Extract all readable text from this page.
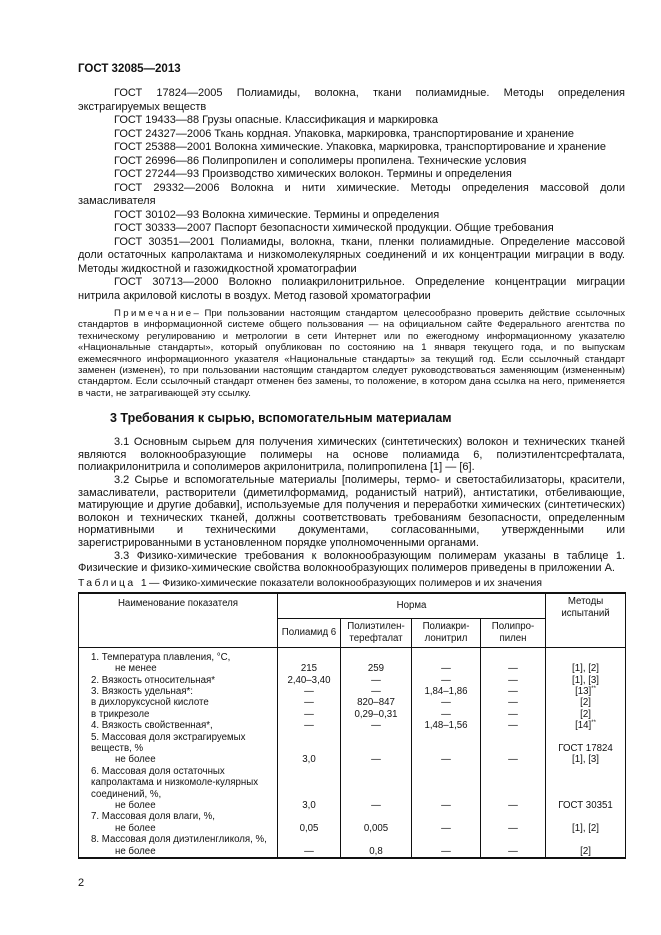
ГОСТ 32085—2013

ГОСТ 17824—2005 Полиамиды, волокна, ткани полиамидные. Методы определения экстрагируемых веществ

ГОСТ 19433—88 Грузы опасные. Классификация и маркировка

ГОСТ 24327—2006 Ткань кордная. Упаковка, маркировка, транспортирование и хранение

ГОСТ 25388—2001 Волокна химические. Упаковка, маркировка, транспортирование и хранение

ГОСТ 26996—86 Полипропилен и сополимеры пропилена. Технические условия

ГОСТ 27244—93 Производство химических волокон. Термины и определения

ГОСТ 29332—2006 Волокна и нити химические. Методы определения массовой доли замасливателя

ГОСТ 30102—93 Волокна химические. Термины и определения

ГОСТ 30333—2007 Паспорт безопасности химической продукции. Общие требования

ГОСТ 30351—2001 Полиамиды, волокна, ткани, пленки полиамидные. Определение массовой доли остаточных капролактама и низкомолекулярных соединений и их концентрации миграции в воду. Методы жидкостной и газожидкостной хроматографии

ГОСТ 30713—2000 Волокно полиакрилонитрильное. Определение концентрации миграции нитрила акриловой кислоты в воздух. Метод газовой хроматографии

Примечание– При пользовании настоящим стандартом целесообразно проверить действие ссылочных стандартов в информационной системе общего пользования — на официальном сайте Федерального агентства по техническому регулированию и метрологии в сети Интернет или по ежегодному информационному указателю «Национальные стандарты», который опубликован по состоянию на 1 января текущего года, и по выпускам ежемесячного информационного указателя «Национальные стандарты» за текущий год. Если ссылочный стандарт заменен (изменен), то при пользовании настоящим стандартом следует руководствоваться заменяющим (измененным) стандартом. Если ссылочный стандарт отменен без замены, то положение, в котором дана ссылка на него, применяется в части, не затрагивающей эту ссылку.

3 Требования к сырью, вспомогательным материалам

3.1 Основным сырьем для получения химических (синтетических) волокон и технических тканей являются волокнообразующие полимеры на основе полиамида 6, полиэтилентсрефталата, полиакрилонитрила и сополимеров акрилонитрила, полипропилена [1] — [6].

3.2 Сырье и вспомогательные материалы [полимеры, термо- и светостабилизаторы, красители, замасливатели, растворители (диметилформамид, роданистый натрий), антистатики, отбеливающие, матирующие и другие добавки], используемые для получения и переработки химических (синтетических) волокон и технических тканей, должны соответствовать требованиям безопасности, определенным нормативными и техническими документами, согласованными, утвержденными или зарегистрированными в установленном порядке уполномоченными органами.

3.3 Физико-химические требования к волокнообразующим полимерам указаны в таблице 1. Физические и физико-химические свойства волокнообразующих полимеров приведены в приложении А.

Таблица 1— Физико-химические показатели волокнообразующих полимеров и их значения
Наименование показателя	Норма				Методы испытаний
	Полиамид 6	Полиэтилен-терефталат	Полиакри-лонитрил	Полипро-пилен	
1. Температура плавления, °С,					
не менее	215	259	—	—	[1], [2]
2. Вязкость относительная*	2,40–3,40	—	—	—	[1], [3]
3. Вязкость удельная*:	—	—	1,84–1,86	—	[13]**
в дихлоруксусной кислоте	—	820–847	—	—	[2]
в трикрезоле	—	0,29–0,31	—	—	[2]
4. Вязкость свойственная*,	—	—	1,48–1,56	—	[14]**
5. Массовая доля экстрагируемых					
веществ, %					ГОСТ 17824
не более	3,0	—	—	—	[1], [3]
6. Массовая доля остаточных					
капролактама и низкомоле-кулярных					
соединений, %,					
не более	3,0	—	—	—	ГОСТ 30351
7. Массовая доля влаги, %,					
не более	0,05	0,005	—	—	[1], [2]
8. Массовая доля диэтиленгликоля, %,					
не более	—	0,8	—	—	[2]
2
